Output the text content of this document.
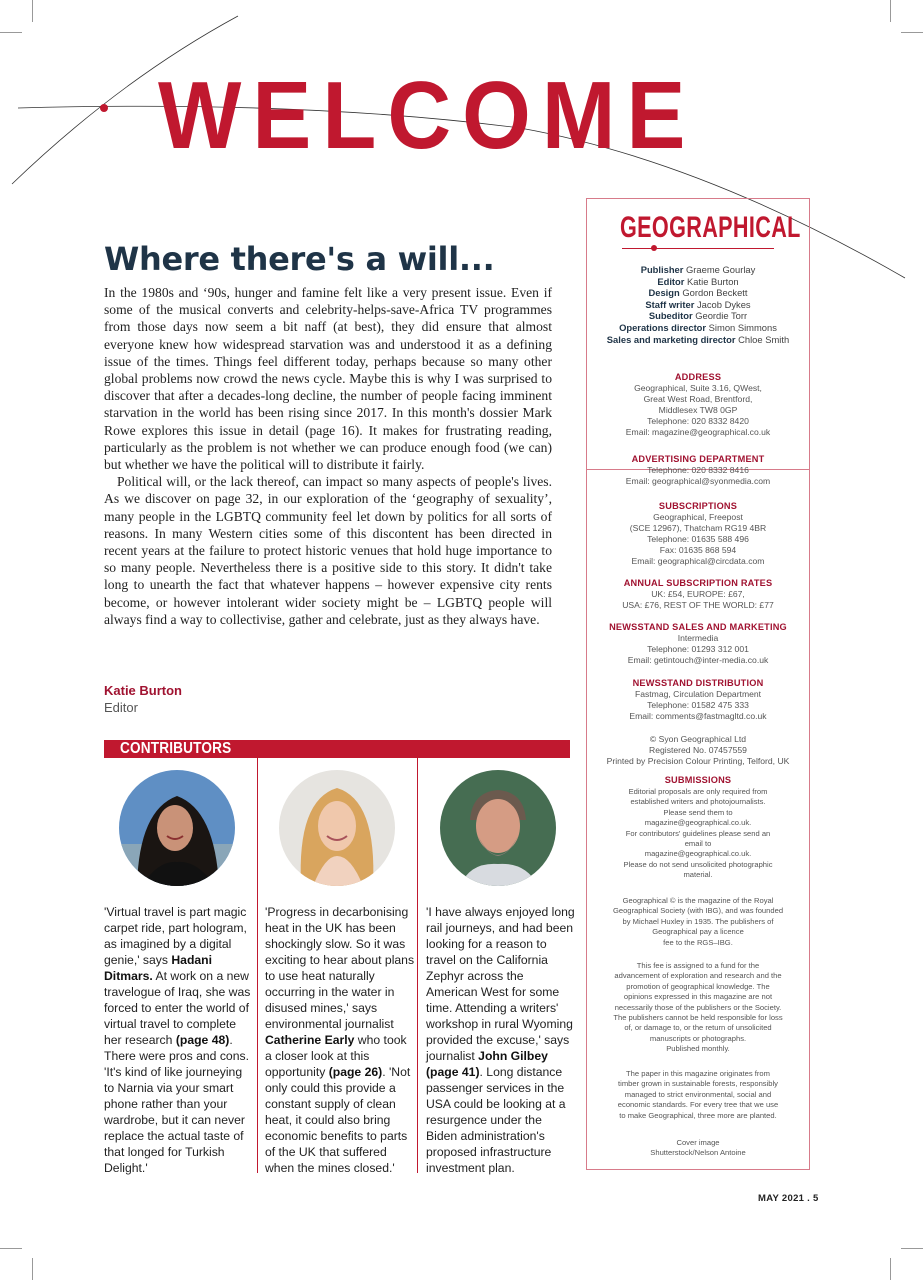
WELCOME
Where there's a will...

In the 1980s and ‘90s, hunger and famine felt like a very present issue. Even if some of the musical converts and celebrity-helps-save-Africa TV programmes from those days now seem a bit naff (at best), they did ensure that almost everyone knew how widespread starvation was and understood it as a defining issue of the times. Things feel different today, perhaps because so many other global problems now crowd the news cycle. Maybe this is why I was surprised to discover that after a decades-long decline, the number of people facing imminent starvation in the world has been rising since 2017. In this month's dossier Mark Rowe explores this issue in detail (page 16). It makes for frustrating reading, particularly as the problem is not whether we can produce enough food (we can) but whether we have the political will to distribute it fairly.

Political will, or the lack thereof, can impact so many aspects of people's lives. As we discover on page 32, in our exploration of the ‘geography of sexuality’, many people in the LGBTQ community feel let down by politics for all sorts of reasons. In many Western cities some of this discontent has been directed in recent years at the failure to protect historic venues that hold huge importance to so many people. Nevertheless there is a positive side to this story. It didn't take long to unearth the fact that whatever happens – however expensive city rents become, or however intolerant wider society might be – LGBTQ people will always find a way to collectivise, gather and celebrate, just as they always have.

Katie Burton
Editor
CONTRIBUTORS

'Virtual travel is part magic carpet ride, part hologram, as imagined by a digital genie,' says Hadani Ditmars. At work on a new travelogue of Iraq, she was forced to enter the world of virtual travel to complete her research (page 48). There were pros and cons. 'It's kind of like journeying to Narnia via your smart phone rather than your wardrobe, but it can never replace the actual taste of that longed for Turkish Delight.'

'Progress in decarbonising heat in the UK has been shockingly slow. So it was exciting to hear about plans to use heat naturally occurring in the water in disused mines,' says environmental journalist Catherine Early who took a closer look at this opportunity (page 26). 'Not only could this provide a constant supply of clean heat, it could also bring economic benefits to parts of the UK that suffered when the mines closed.'

'I have always enjoyed long rail journeys, and had been looking for a reason to travel on the California Zephyr across the American West for some time. Attending a writers' workshop in rural Wyoming provided the excuse,' says journalist John Gilbey (page 41). Long distance passenger services in the USA could be looking at a resurgence under the Biden administration's proposed infrastructure investment plan.

GEOGRAPHICAL
Publisher Graeme Gourlay
Editor Katie Burton
Design Gordon Beckett
Staff writer Jacob Dykes
Subeditor Geordie Torr
Operations director Simon Simmons
Sales and marketing director Chloe Smith
ADDRESS
Geographical, Suite 3.16, QWest,
Great West Road, Brentford,
Middlesex TW8 0GP
Telephone: 020 8332 8420
Email: magazine@geographical.co.uk
ADVERTISING DEPARTMENT
Telephone: 020 8332 8416
Email: geographical@syonmedia.com
SUBSCRIPTIONS
Geographical, Freepost
(SCE 12967), Thatcham RG19 4BR
Telephone: 01635 588 496
Fax: 01635 868 594
Email: geographical@circdata.com
ANNUAL SUBSCRIPTION RATES
UK: £54, EUROPE: £67,
USA: £76, REST OF THE WORLD: £77
NEWSSTAND SALES AND MARKETING
Intermedia
Telephone: 01293 312 001
Email: getintouch@inter-media.co.uk
NEWSSTAND DISTRIBUTION
Fastmag, Circulation Department
Telephone: 01582 475 333
Email: comments@fastmagltd.co.uk
© Syon Geographical Ltd
Registered No. 07457559
Printed by Precision Colour Printing, Telford, UK
SUBMISSIONS
Editorial proposals are only required from
established writers and photojournalists.
Please send them to
magazine@geographical.co.uk.
For contributors' guidelines please send an
email to
magazine@geographical.co.uk.
Please do not send unsolicited photographic
material.
Geographical © is the magazine of the Royal
Geographical Society (with IBG), and was founded
by Michael Huxley in 1935. The publishers of
Geographical pay a licence
fee to the RGS–IBG.
This fee is assigned to a fund for the
advancement of exploration and research and the
promotion of geographical knowledge. The
opinions expressed in this magazine are not
necessarily those of the publishers or the Society.
The publishers cannot be held responsible for loss
of, or damage to, or the return of unsolicited
manuscripts or photographs.
Published monthly.
The paper in this magazine originates from
timber grown in sustainable forests, responsibly
managed to strict environmental, social and
economic standards. For every tree that we use
to make Geographical, three more are planted.
Cover image
Shutterstock/Nelson Antoine
MAY 2021 . 5
